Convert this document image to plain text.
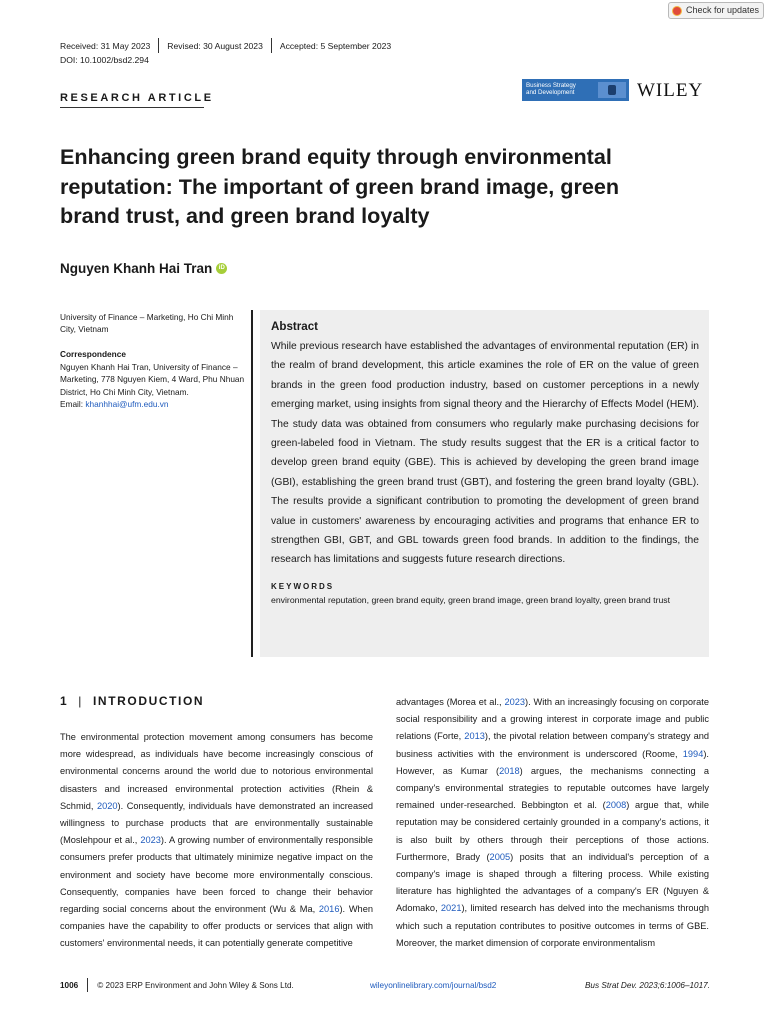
Check for updates
Received: 31 May 2023 Revised: 30 August 2023 Accepted: 5 September 2023
DOI: 10.1002/bsd2.294
RESEARCH ARTICLE
Business Strategy
and Development	WILEY
Enhancing green brand equity through environmental reputation: The important of green brand image, green brand trust, and green brand loyalty
Nguyen Khanh Hai Tran	iD
University of Finance – Marketing, Ho Chi Minh City, Vietnam
Correspondence
Nguyen Khanh Hai Tran, University of Finance – Marketing, 778 Nguyen Kiem, 4 Ward, Phu Nhuan District, Ho Chi Minh City, Vietnam.
Email: khanhhai@ufm.edu.vn
Abstract

While previous research have established the advantages of environmental reputation (ER) in the realm of brand development, this article examines the role of ER on the value of green brands in the green food production industry, based on customer perceptions in a newly emerging market, using insights from signal theory and the Hierarchy of Effects Model (HEM). The study data was obtained from consumers who regularly make purchasing decisions for green-labeled food in Vietnam. The study results suggest that the ER is a critical factor to develop green brand equity (GBE). This is achieved by developing the green brand image (GBI), establishing the green brand trust (GBT), and fostering the green brand loyalty (GBL). The results provide a significant contribution to promoting the development of green brand value in customers' awareness by encouraging activities and programs that enhance ER to strengthen GBI, GBT, and GBL towards green food brands. In addition to the findings, the research has limitations and suggests future research directions.

KEYWORDS
environmental reputation, green brand equity, green brand image, green brand loyalty, green brand trust
1 | INTRODUCTION
The environmental protection movement among consumers has become more widespread, as individuals have become increasingly conscious of environmental concerns around the world due to notorious environmental disasters and increased environmental protection activities (Rhein & Schmid, 2020). Consequently, individuals have demonstrated an increased willingness to purchase products that are environmentally sustainable (Moslehpour et al., 2023). A growing number of environmentally responsible consumers prefer products that ultimately minimize negative impact on the environment and society have become more environmentally conscious. Consequently, companies have been forced to change their behavior regarding social concerns about the environment (Wu & Ma, 2016). When companies have the capability to offer products or services that align with customers' environmental needs, it can potentially generate competitive
advantages (Morea et al., 2023). With an increasingly focusing on corporate social responsibility and a growing interest in corporate image and public relations (Forte, 2013), the pivotal relation between company's strategy and business activities with the environment is underscored (Roome, 1994). However, as Kumar (2018) argues, the mechanisms connecting a company's environmental strategies to reputable outcomes have largely remained under-researched. Bebbington et al. (2008) argue that, while reputation may be considered certainly grounded in a company's actions, it is also built by others through their perceptions of those actions. Furthermore, Brady (2005) posits that an individual's perception of a company's image is shaped through a filtering process. While existing literature has highlighted the advantages of a company's ER (Nguyen & Adomako, 2021), limited research has delved into the mechanisms through which such a reputation contributes to positive outcomes in terms of GBE. Moreover, the market dimension of corporate environmentalism
1006 © 2023 ERP Environment and John Wiley & Sons Ltd.	wileyonlinelibrary.com/journal/bsd2	Bus Strat Dev. 2023;6:1006–1017.
